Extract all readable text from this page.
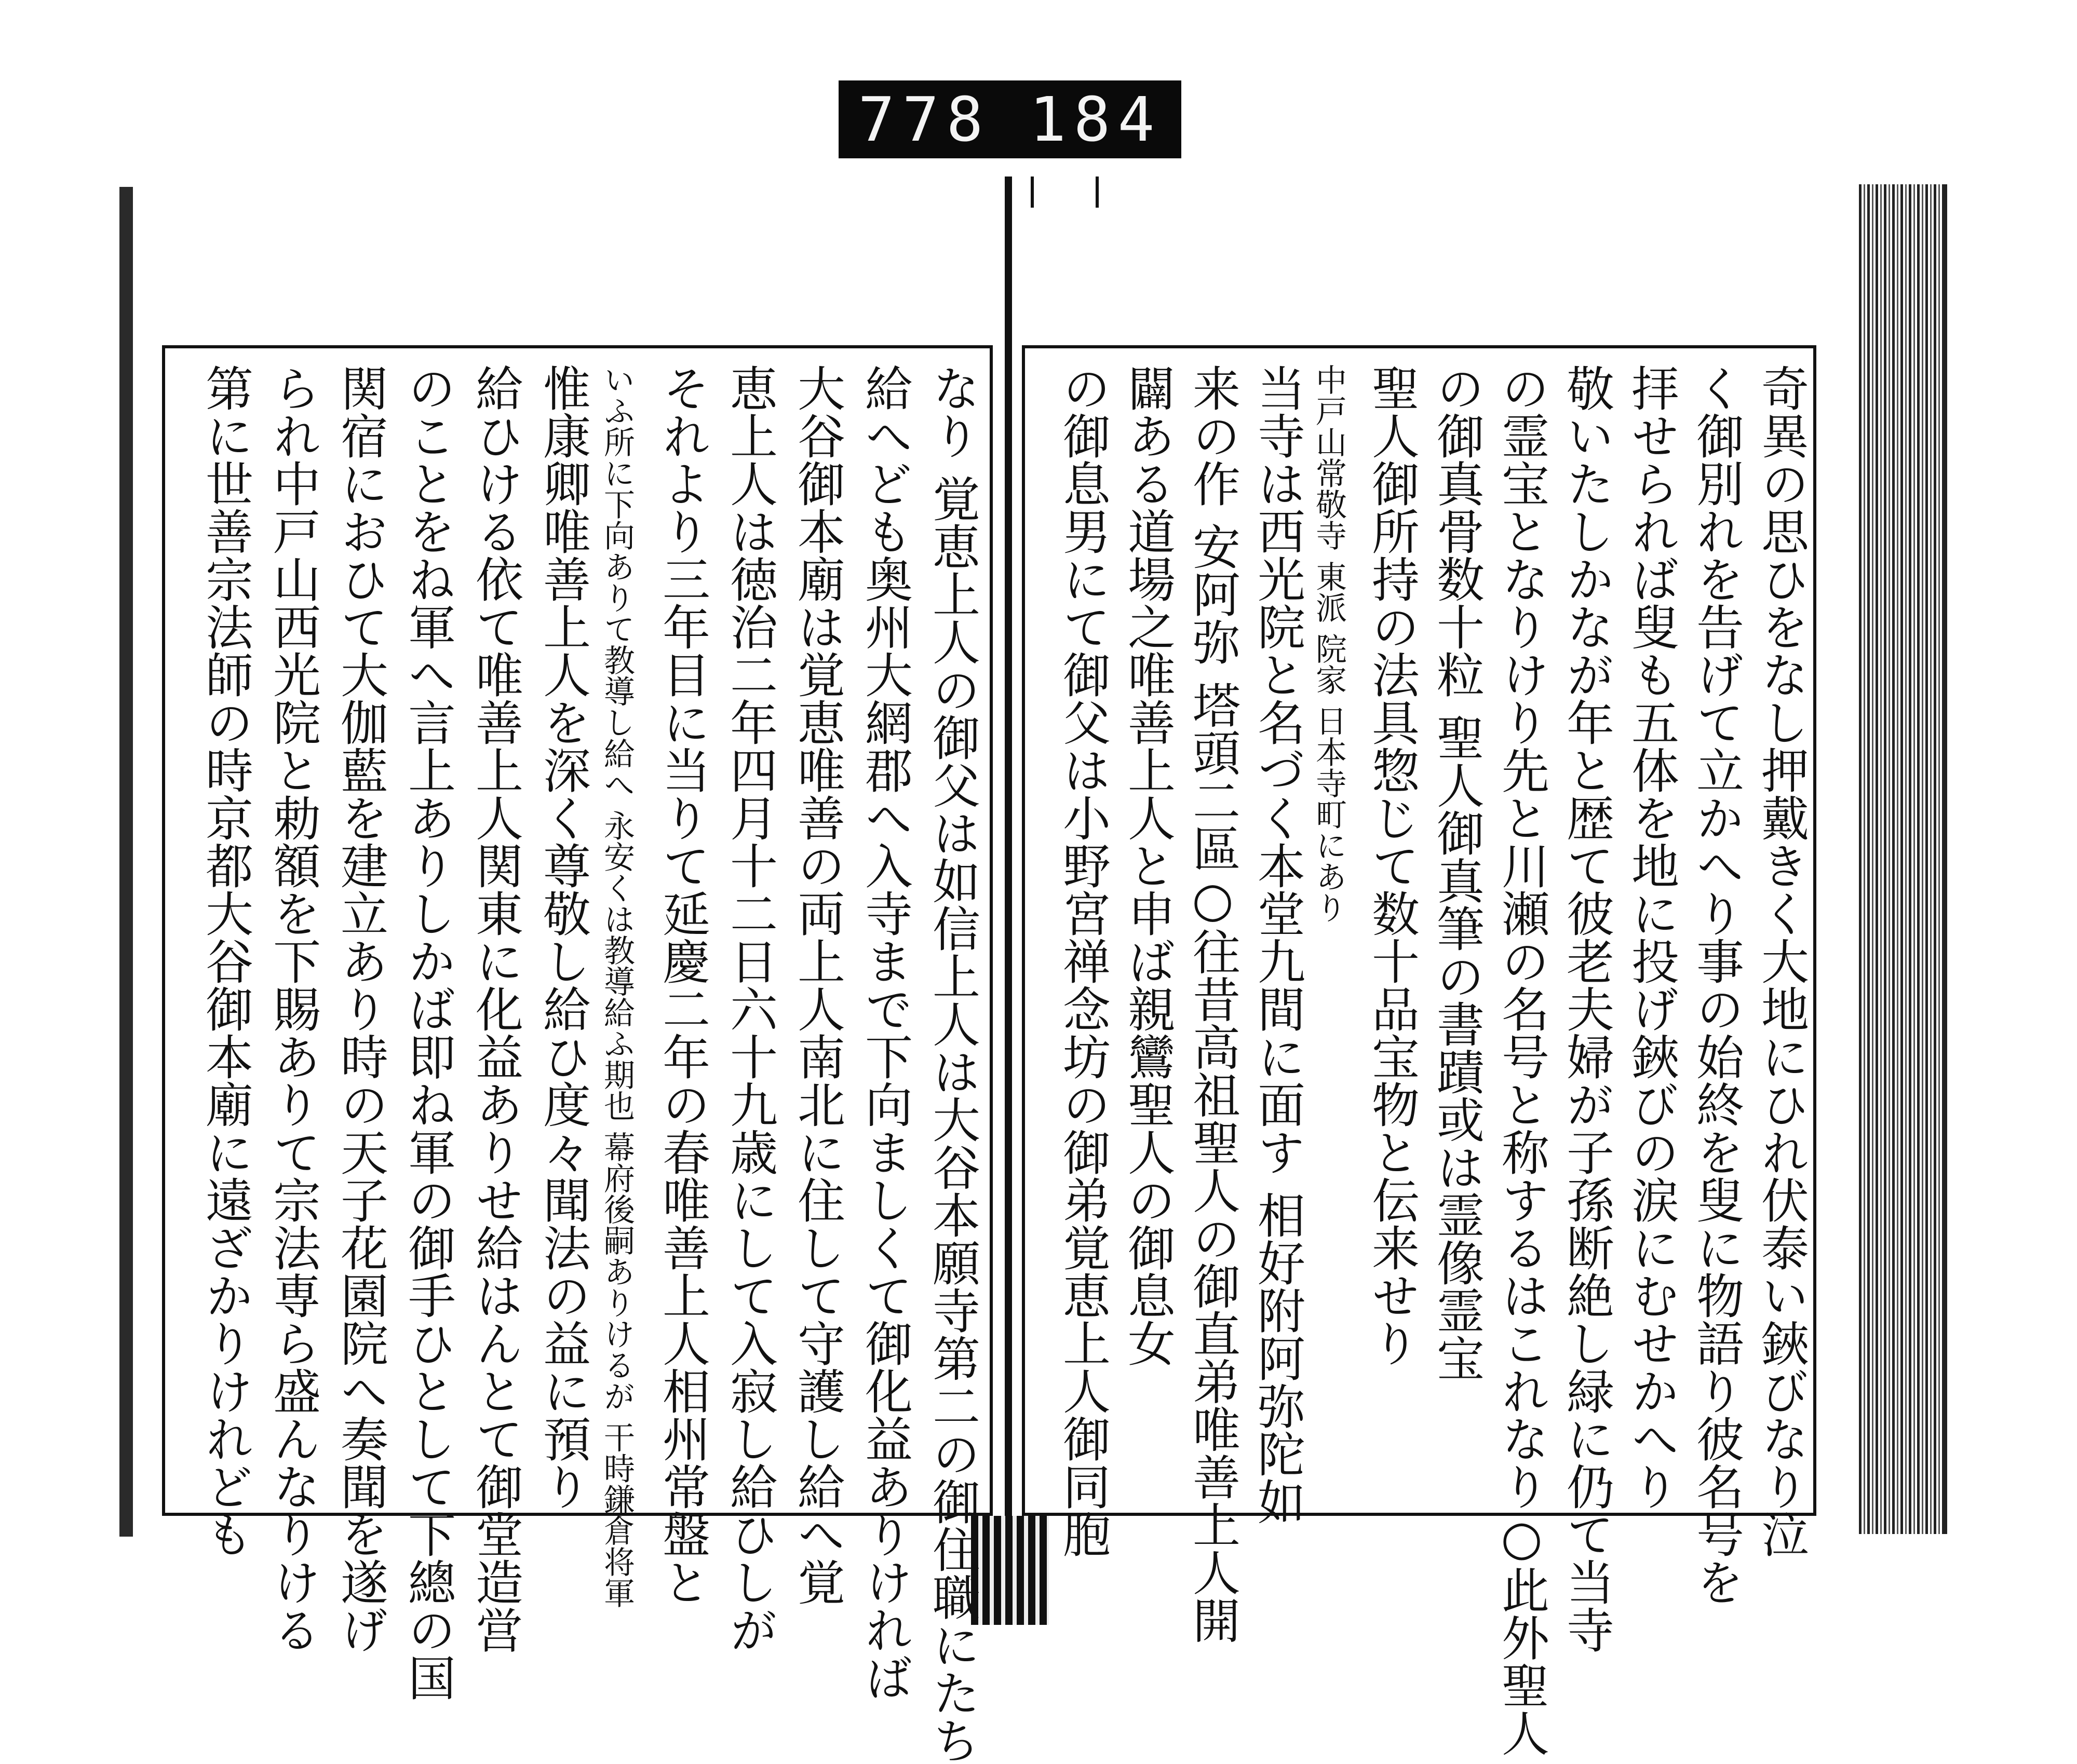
778 184
なり 覚恵上人の御父は如信上人は大谷本願寺第二の御住職にたち
給へども奥州大網郡へ入寺まで下向ましくて御化益ありければ
大谷御本廟は覚恵唯善の両上人南北に住して守護し給へ覚
恵上人は徳治二年四月十二日六十九歳にして入寂し給ひしが
それより三年目に当りて延慶二年の春唯善上人相州常盤と
いふ所に下向ありて教導し給へ 永安くは教導給ふ期也 幕府後嗣ありけるが 干時鎌倉将軍
惟康卿唯善上人を深く尊敬し給ひ度々聞法の益に預り
給ひける依て唯善上人関東に化益ありせ給はんとて御堂造営
のことをね軍へ言上ありしかば即ね軍の御手ひとして下總の国
関宿におひて大伽藍を建立あり時の天子花園院へ奏聞を遂げ
られ中戸山西光院と勅額を下賜ありて宗法専ら盛んなりける
第に世善宗法師の時京都大谷御本廟に遠ざかりけれども	奇異の思ひをなし押戴きく大地にひれ伏泰い鋏びなり泣
く御別れを告げて立かへり事の始終を叟に物語り彼名号を
拝せられば叟も五体を地に投げ鋏びの涙にむせかへり
敬いたしかなが年と歴て彼老夫婦が子孫断絶し緑に仍て当寺
の霊宝となりけり先と川瀬の名号と称するはこれなり○此外聖人
の御真骨数十粒 聖人御真筆の書蹟或は霊像霊宝
聖人御所持の法具惣じて数十品宝物と伝来せり
中戸山常敬寺 東派 院家 日本寺町にあり
当寺は西光院と名づく本堂九間に面す 相好附阿弥陀如
来の作 安阿弥 塔頭二區○往昔高祖聖人の御直弟唯善上人開
闢ある道場之唯善上人と申ば親鸞聖人の御息女
の御息男にて御父は小野宮禅念坊の御弟覚恵上人御同胞
